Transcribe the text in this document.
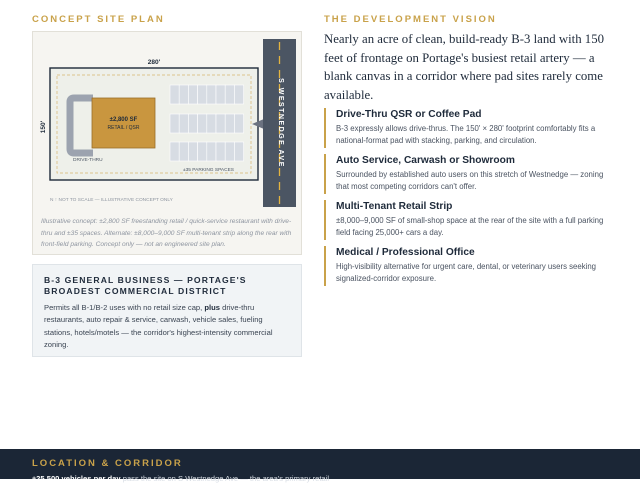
CONCEPT SITE PLAN	THE DEVELOPMENT VISION
280'
150'
±2,800 SF
RETAIL / QSR
DRIVE-THRU
±35 PARKING SPACES
S WESTNEDGE AVE
N ↑ NOT TO SCALE — ILLUSTRATIVE CONCEPT ONLY
Illustrative concept: ±2,800 SF freestanding retail / quick-service restaurant with drive-thru and ±35 spaces. Alternate: ±8,000–9,000 SF multi-tenant strip along the rear with front-field parking. Concept only — not an engineered site plan.
B-3 GENERAL BUSINESS — PORTAGE'S BROADEST COMMERCIAL DISTRICT
Permits all B-1/B-2 uses with no retail size cap, plus drive-thru restaurants, auto repair & service, carwash, vehicle sales, fueling stations, hotels/motels — the corridor's highest-intensity commercial zoning.
Nearly an acre of clean, build-ready B-3 land with 150 feet of frontage on Portage's busiest retail artery — a blank canvas in a corridor where pad sites rarely come available.
Drive-Thru QSR or Coffee Pad
B-3 expressly allows drive-thrus. The 150' × 280' footprint comfortably fits a national-format pad with stacking, parking, and circulation.
Auto Service, Carwash or Showroom
Surrounded by established auto users on this stretch of Westnedge — zoning that most competing corridors can't offer.
Multi-Tenant Retail Strip
±8,000–9,000 SF of small-shop space at the rear of the site with a full parking field facing 25,000+ cars a day.
Medical / Professional Office
High-visibility alternative for urgent care, dental, or veterinary users seeking signalized-corridor exposure.
LOCATION & CORRIDOR
±25,500 vehicles per day pass the site on S Westnedge Ave — the area's primary retail
